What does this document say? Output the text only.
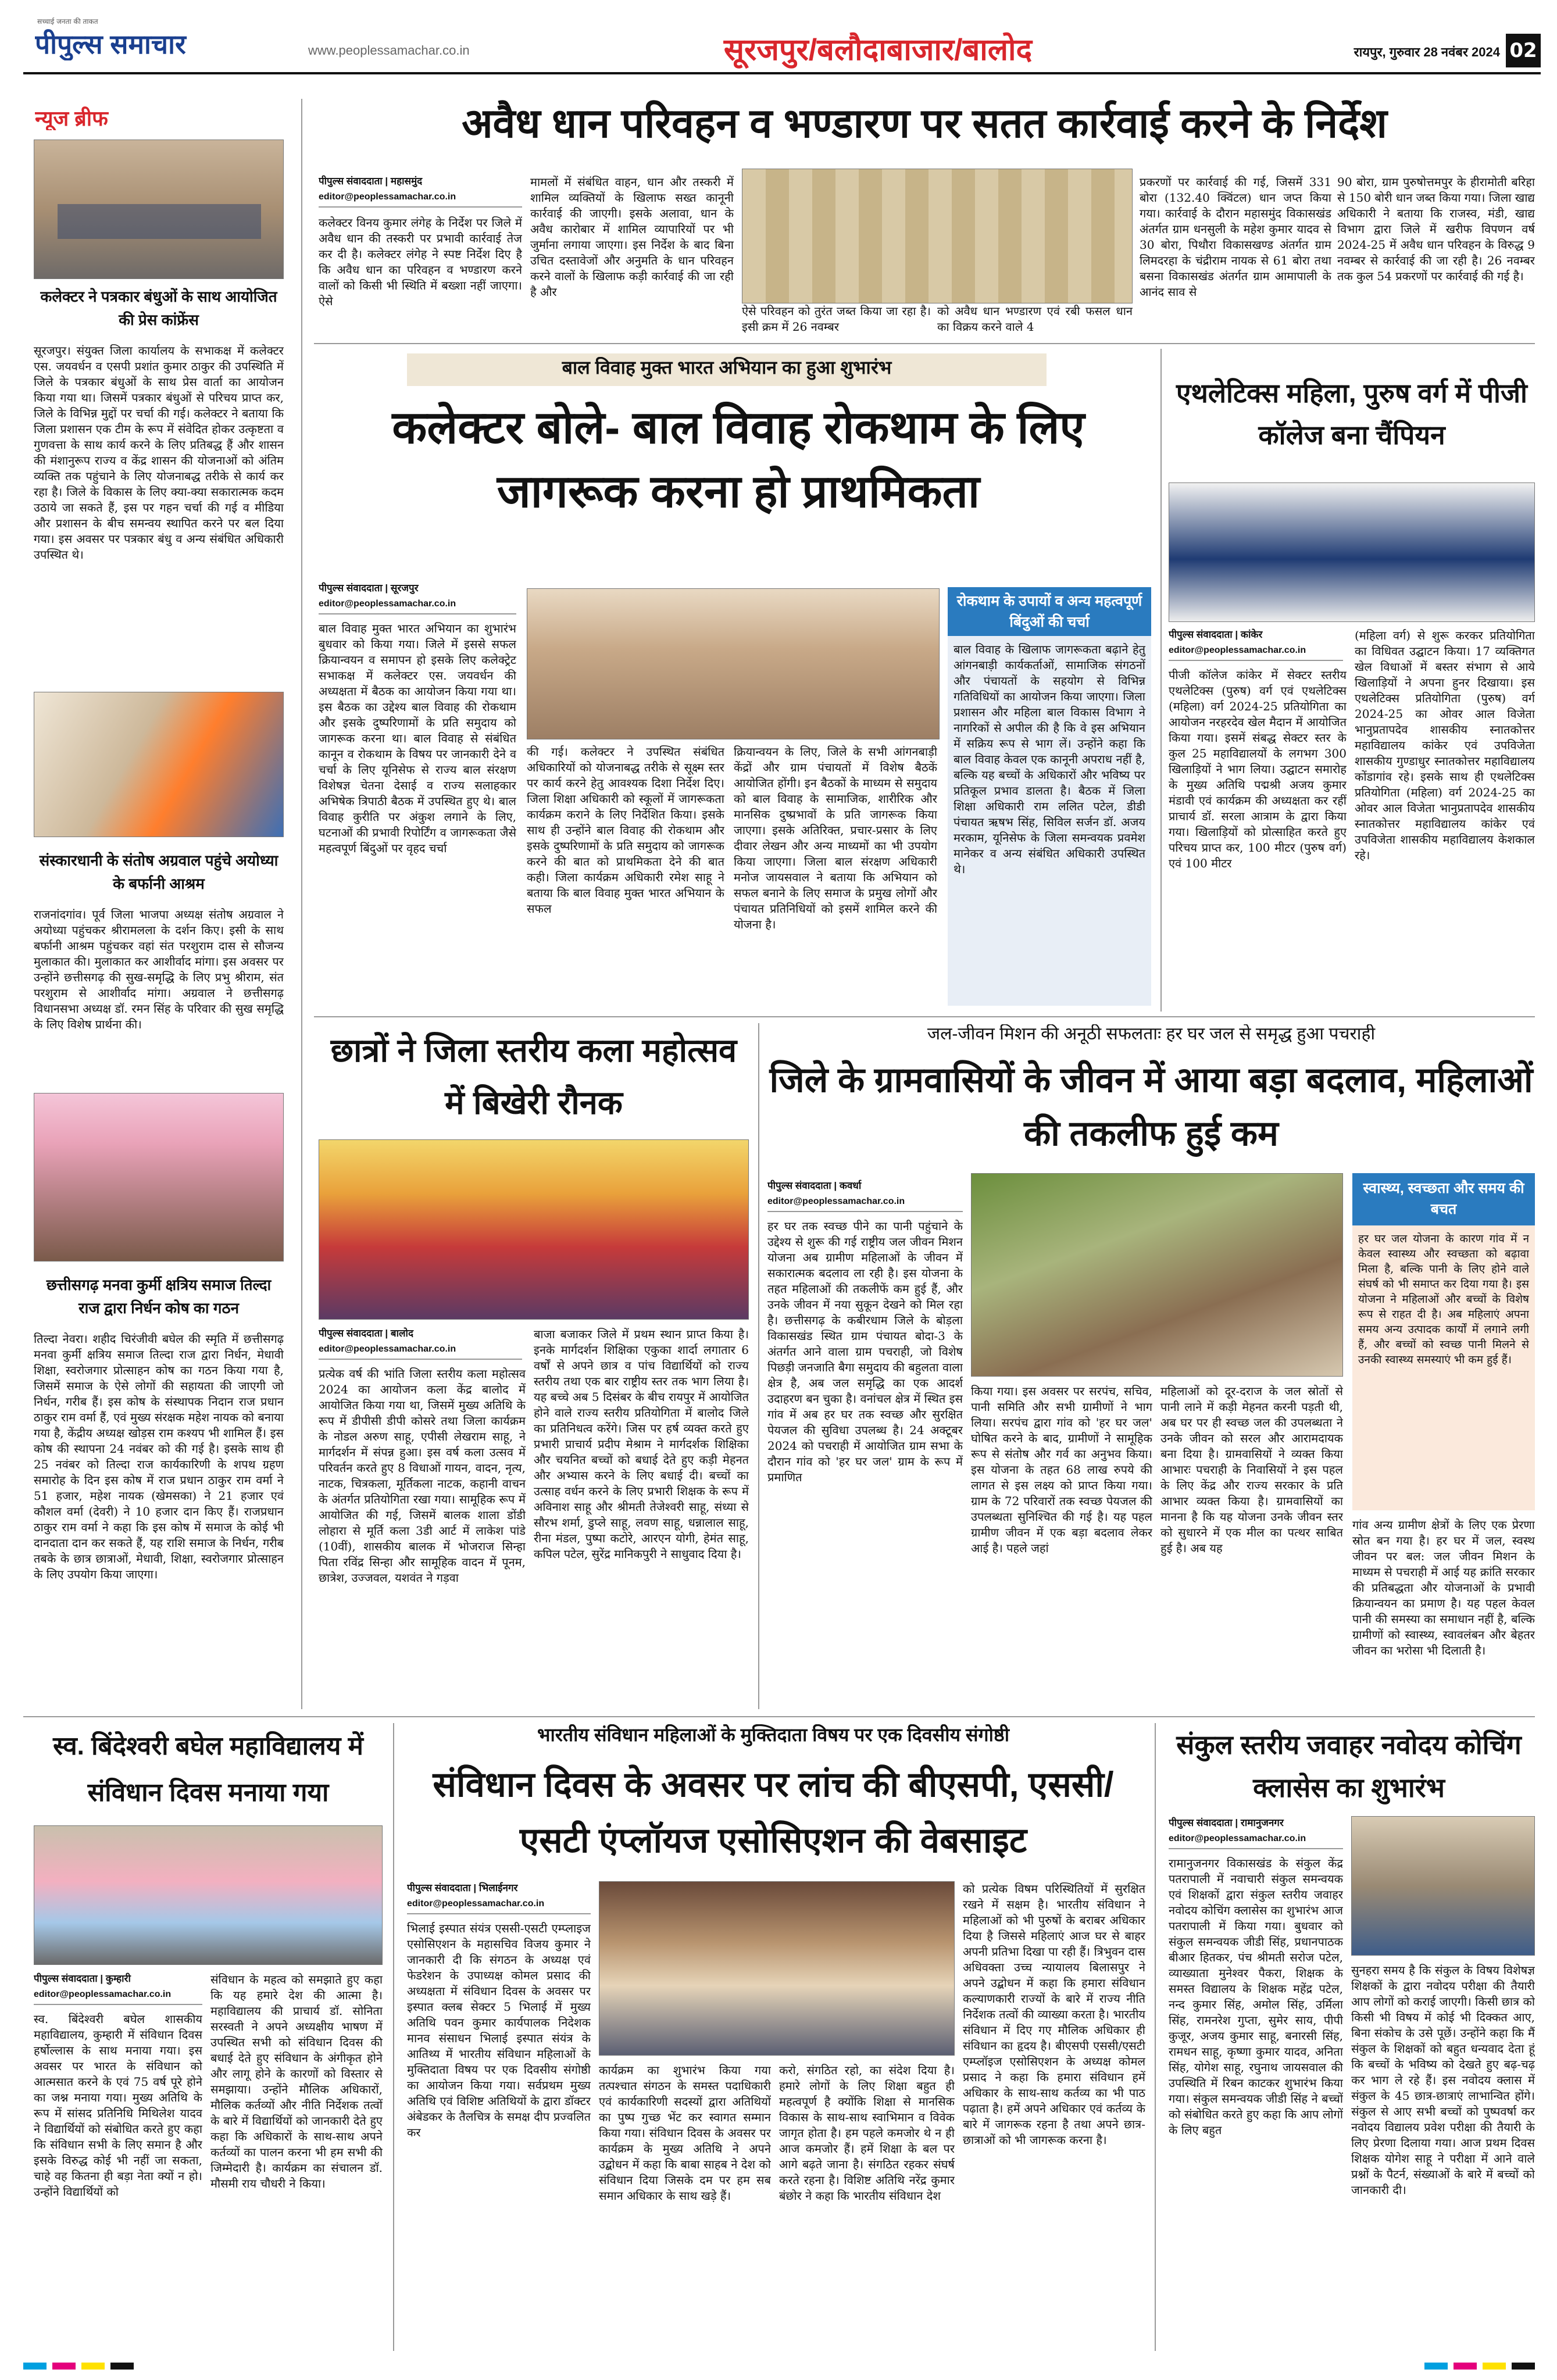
पीपुल्स समाचार
सच्चाई जनता की ताकत
www.peoplessamachar.co.in	सूरजपुर/बलौदाबाजार/बालोद	रायपुर, गुरुवार 28 नवंबर 2024 02
न्यूज ब्रीफ
कलेक्टर ने पत्रकार बंधुओं के साथ आयोजित की प्रेस कांफ्रेंस
सूरजपुर। संयुक्त जिला कार्यालय के सभाकक्ष में कलेक्टर एस. जयवर्धन व एसपी प्रशांत कुमार ठाकुर की उपस्थिति में जिले के पत्रकार बंधुओं के साथ प्रेस वार्ता का आयोजन किया गया था। जिसमें पत्रकार बंधुओं से परिचय प्राप्त कर, जिले के विभिन्न मुद्दों पर चर्चा की गई। कलेक्टर ने बताया कि जिला प्रशासन एक टीम के रूप में संवेदित होकर उत्कृष्टता व गुणवत्ता के साथ कार्य करने के लिए प्रतिबद्ध हैं और शासन की मंशानुरूप राज्य व केंद्र शासन की योजनाओं को अंतिम व्यक्ति तक पहुंचाने के लिए योजनाबद्ध तरीके से कार्य कर रहा है। जिले के विकास के लिए क्या-क्या सकारात्मक कदम उठाये जा सकते हैं, इस पर गहन चर्चा की गई व मीडिया और प्रशासन के बीच समन्वय स्थापित करने पर बल दिया गया। इस अवसर पर पत्रकार बंधु व अन्य संबंधित अधिकारी उपस्थित थे।
संस्कारधानी के संतोष अग्रवाल पहुंचे अयोध्या के बर्फानी आश्रम
राजनांदगांव। पूर्व जिला भाजपा अध्यक्ष संतोष अग्रवाल ने अयोध्या पहुंचकर श्रीरामलला के दर्शन किए। इसी के साथ बर्फानी आश्रम पहुंचकर वहां संत परशुराम दास से सौजन्य मुलाकात की। मुलाकात कर आशीर्वाद मांगा। इस अवसर पर उन्होंने छत्तीसगढ़ की सुख-समृद्धि के लिए प्रभु श्रीराम, संत परशुराम से आशीर्वाद मांगा। अग्रवाल ने छत्तीसगढ़ विधानसभा अध्यक्ष डॉ. रमन सिंह के परिवार की सुख समृद्धि के लिए विशेष प्रार्थना की।
छत्तीसगढ़ मनवा कुर्मी क्षत्रिय समाज तिल्दा राज द्वारा निर्धन कोष का गठन
तिल्दा नेवरा। शहीद चिरंजीवी बघेल की स्मृति में छत्तीसगढ़ मनवा कुर्मी क्षत्रिय समाज तिल्दा राज द्वारा निर्धन, मेधावी शिक्षा, स्वरोजगार प्रोत्साहन कोष का गठन किया गया है, जिसमें समाज के ऐसे लोगों की सहायता की जाएगी जो निर्धन, गरीब हैं। इस कोष के संस्थापक निदान राज प्रधान ठाकुर राम वर्मा हैं, एवं मुख्य संरक्षक महेश नायक को बनाया गया है, केंद्रीय अध्यक्ष खोड़स राम कश्यप भी शामिल हैं। इस कोष की स्थापना 24 नवंबर को की गई है। इसके साथ ही 25 नवंबर को तिल्दा राज कार्यकारिणी के शपथ ग्रहण समारोह के दिन इस कोष में राज प्रधान ठाकुर राम वर्मा ने 51 हजार, महेश नायक (खेमसका) ने 21 हजार एवं कौशल वर्मा (देवरी) ने 10 हजार दान किए हैं। राजप्रधान ठाकुर राम वर्मा ने कहा कि इस कोष में समाज के कोई भी दानदाता दान कर सकते हैं, यह राशि समाज के निर्धन, गरीब तबके के छात्र छात्राओं, मेधावी, शिक्षा, स्वरोजगार प्रोत्साहन के लिए उपयोग किया जाएगा।
अवैध धान परिवहन व भण्डारण पर सतत कार्रवाई करने के निर्देश
पीपुल्स संवाददाता | महासमुंद
editor@peoplessamachar.co.in
कलेक्टर विनय कुमार लंगेह के निर्देश पर जिले में अवैध धान की तस्करी पर प्रभावी कार्रवाई तेज कर दी है। कलेक्टर लंगेह ने स्पष्ट निर्देश दिए है कि अवैध धान का परिवहन व भण्डारण करने वालों को किसी भी स्थिति में बख्शा नहीं जाएगा। ऐसे
मामलों में संबंधित वाहन, धान और तस्करी में शामिल व्यक्तियों के खिलाफ सख्त कानूनी कार्रवाई की जाएगी। इसके अलावा, धान के अवैध कारोबार में शामिल व्यापारियों पर भी जुर्माना लगाया जाएगा। इस निर्देश के बाद बिना उचित दस्तावेजों और अनुमति के धान परिवहन करने वालों के खिलाफ कड़ी कार्रवाई की जा रही है और
ऐसे परिवहन को तुरंत जब्त किया जा रहा है। इसी क्रम में 26 नवम्बर
को अवैध धान भण्डारण एवं रबी फसल धान का विक्रय करने वाले 4
प्रकरणों पर कार्रवाई की गई, जिसमें 331 बोरा (132.40 क्विंटल) धान जप्त किया गया। कार्रवाई के दौरान महासमुंद विकासखंड अंतर्गत ग्राम धनसुली के महेश कुमार यादव से 30 बोरा, पिथौरा विकासखण्ड अंतर्गत ग्राम लिमदरहा के चंद्रीराम नायक से 61 बोरा तथा बसना विकासखंड अंतर्गत ग्राम आमापाली के आनंद साव से
90 बोरा, ग्राम पुरुषोत्तमपुर के हीरामोती बरिहा से 150 बोरी धान जब्त किया गया। जिला खाद्य अधिकारी ने बताया कि राजस्व, मंडी, खाद्य विभाग द्वारा जिले में खरीफ विपणन वर्ष 2024-25 में अवैध धान परिवहन के विरुद्ध 9 नवम्बर से कार्रवाई की जा रही है। 26 नवम्बर तक कुल 54 प्रकरणों पर कार्रवाई की गई है।
बाल विवाह मुक्त भारत अभियान का हुआ शुभारंभ
कलेक्टर बोले- बाल विवाह रोकथाम के लिए जागरूक करना हो प्राथमिकता
पीपुल्स संवाददाता | सूरजपुर
editor@peoplessamachar.co.in
बाल विवाह मुक्त भारत अभियान का शुभारंभ बुधवार को किया गया। जिले में इससे सफल क्रियान्वयन व समापन हो इसके लिए कलेक्ट्रेट सभाकक्ष में कलेक्टर एस. जयवर्धन की अध्यक्षता में बैठक का आयोजन किया गया था। इस बैठक का उद्देश्य बाल विवाह की रोकथाम और इसके दुष्परिणामों के प्रति समुदाय को जागरूक करना था। बाल विवाह से संबंधित कानून व रोकथाम के विषय पर जानकारी देने व चर्चा के लिए यूनिसेफ से राज्य बाल संरक्षण विशेषज्ञ चेतना देसाई व राज्य सलाहकार अभिषेक त्रिपाठी बैठक में उपस्थित हुए थे। बाल विवाह कुरीति पर अंकुश लगाने के लिए, घटनाओं की प्रभावी रिपोर्टिंग व जागरूकता जैसे महत्वपूर्ण बिंदुओं पर वृहद चर्चा
की गई। कलेक्टर ने उपस्थित संबंधित अधिकारियों को योजनाबद्ध तरीके से सूक्ष्म स्तर पर कार्य करने हेतु आवश्यक दिशा निर्देश दिए। जिला शिक्षा अधिकारी को स्कूलों में जागरूकता कार्यक्रम कराने के लिए निर्देशित किया। इसके साथ ही उन्होंने बाल विवाह की रोकथाम और इसके दुष्परिणामों के प्रति समुदाय को जागरूक करने की बात को प्राथमिकता देने की बात कही। जिला कार्यक्रम अधिकारी रमेश साहू ने बताया कि बाल विवाह मुक्त भारत अभियान के सफल
क्रियान्वयन के लिए, जिले के सभी आंगनबाड़ी केंद्रों और ग्राम पंचायतों में विशेष बैठकें आयोजित होंगी। इन बैठकों के माध्यम से समुदाय को बाल विवाह के सामाजिक, शारीरिक और मानसिक दुष्प्रभावों के प्रति जागरूक किया जाएगा। इसके अतिरिक्त, प्रचार-प्रसार के लिए दीवार लेखन और अन्य माध्यमों का भी उपयोग किया जाएगा। जिला बाल संरक्षण अधिकारी मनोज जायसवाल ने बताया कि अभियान को सफल बनाने के लिए समाज के प्रमुख लोगों और पंचायत प्रतिनिधियों को इसमें शामिल करने की योजना है।
रोकथाम के उपायों व अन्य महत्वपूर्ण बिंदुओं की चर्चा
बाल विवाह के खिलाफ जागरूकता बढ़ाने हेतु आंगनबाड़ी कार्यकर्ताओं, सामाजिक संगठनों और पंचायतों के सहयोग से विभिन्न गतिविधियों का आयोजन किया जाएगा। जिला प्रशासन और महिला बाल विकास विभाग ने नागरिकों से अपील की है कि वे इस अभियान में सक्रिय रूप से भाग लें। उन्होंने कहा कि बाल विवाह केवल एक कानूनी अपराध नहीं है, बल्कि यह बच्चों के अधिकारों और भविष्य पर प्रतिकूल प्रभाव डालता है। बैठक में जिला शिक्षा अधिकारी राम ललित पटेल, डीडी पंचायत ऋषभ सिंह, सिविल सर्जन डॉ. अजय मरकाम, यूनिसेफ के जिला समन्वयक प्रवमेश मानेकर व अन्य संबंधित अधिकारी उपस्थित थे।
एथलेटिक्स महिला, पुरुष वर्ग में पीजी कॉलेज बना चैंपियन
पीपुल्स संवाददाता | कांकेर
editor@peoplessamachar.co.in
पीजी कॉलेज कांकेर में सेक्टर स्तरीय एथलेटिक्स (पुरुष) वर्ग एवं एथलेटिक्स (महिला) वर्ग 2024-25 प्रतियोगिता का आयोजन नरहरदेव खेल मैदान में आयोजित किया गया। इसमें संबद्ध सेक्टर स्तर के कुल 25 महाविद्यालयों के लगभग 300 खिलाड़ियों ने भाग लिया। उद्घाटन समारोह के मुख्य अतिथि पद्मश्री अजय कुमार मंडावी एवं कार्यक्रम की अध्यक्षता कर रहीं प्राचार्य डॉ. सरला आत्राम के द्वारा किया गया। खिलाड़ियों को प्रोत्साहित करते हुए परिचय प्राप्त कर, 100 मीटर (पुरुष वर्ग) एवं 100 मीटर
(महिला वर्ग) से शुरू करकर प्रतियोगिता का विधिवत उद्घाटन किया। 17 व्यक्तिगत खेल विधाओं में बस्तर संभाग से आये खिलाड़ियों ने अपना हुनर दिखाया। इस एथलेटिक्स प्रतियोगिता (पुरुष) वर्ग 2024-25 का ओवर आल विजेता भानुप्रतापदेव शासकीय स्नातकोत्तर महाविद्यालय कांकेर एवं उपविजेता शासकीय गुण्डाधुर स्नातकोत्तर महाविद्यालय कोंडागांव रहे। इसके साथ ही एथलेटिक्स प्रतियोगिता (महिला) वर्ग 2024-25 का ओवर आल विजेता भानुप्रतापदेव शासकीय स्नातकोत्तर महाविद्यालय कांकेर एवं उपविजेता शासकीय महाविद्यालय केशकाल रहे।
छात्रों ने जिला स्तरीय कला महोत्सव में बिखेरी रौनक
पीपुल्स संवाददाता | बालोद
editor@peoplessamachar.co.in
प्रत्येक वर्ष की भांति जिला स्तरीय कला महोत्सव 2024 का आयोजन कला केंद्र बालोद में आयोजित किया गया था, जिसमें मुख्य अतिथि के रूप में डीपीसी डीपी कोसरे तथा जिला कार्यक्रम के नोडल अरुण साहू, एपीसी लेखराम साहू, ने मार्गदर्शन में संपन्न हुआ। इस वर्ष कला उत्सव में परिवर्तन करते हुए 8 विधाओं गायन, वादन, नृत्य, नाटक, चित्रकला, मूर्तिकला नाटक, कहानी वाचन के अंतर्गत प्रतियोगिता रखा गया। सामूहिक रूप में आयोजित की गई, जिसमें बालक शाला डोंडी लोहारा से मूर्ति कला 3डी आर्ट में लाकेश पांडे (10वीं), शासकीय बालक में भोजराज सिन्हा पिता रविंद्र सिन्हा और सामूहिक वादन में पूनम, छात्रेश, उज्जवल, यशवंत ने गड़वा
बाजा बजाकर जिले में प्रथम स्थान प्राप्त किया है। इनके मार्गदर्शन शिक्षिका एकुका शार्दा लगातार 6 वर्षों से अपने छात्र व पांच विद्यार्थियों को राज्य स्तरीय तथा एक बार राष्ट्रीय स्तर तक भाग लिया है। यह बच्चे अब 5 दिसंबर के बीच रायपुर में आयोजित होने वाले राज्य स्तरीय प्रतियोगिता में बालोद जिले का प्रतिनिधत्व करेंगे। जिस पर हर्ष व्यक्त करते हुए प्रभारी प्राचार्य प्रदीप मेश्राम ने मार्गदर्शक शिक्षिका और चयनित बच्चों को बधाई देते हुए कड़ी मेहनत और अभ्यास करने के लिए बधाई दी। बच्चों का उत्साह वर्धन करने के लिए प्रभारी शिक्षक के रूप में अविनाश साहू और श्रीमती तेजेश्वरी साहू, संध्या से सौरभ शर्मा, डुप्ले साहू, लवण साहू, धन्नालाल साहू, रीना मंडल, पुष्पा कटोरे, आरएन योगी, हेमंत साहू, कपिल पटेल, सुरेंद्र मानिकपुरी ने साधुवाद दिया है।
जल-जीवन मिशन की अनूठी सफलताः हर घर जल से समृद्ध हुआ पचराही
जिले के ग्रामवासियों के जीवन में आया बड़ा बदलाव, महिलाओं की तकलीफ हुई कम
पीपुल्स संवाददाता | कवर्धा
editor@peoplessamachar.co.in
हर घर तक स्वच्छ पीने का पानी पहुंचाने के उद्देश्य से शुरू की गई राष्ट्रीय जल जीवन मिशन योजना अब ग्रामीण महिलाओं के जीवन में सकारात्मक बदलाव ला रही है। इस योजना के तहत महिलाओं की तकलीफें कम हुई हैं, और उनके जीवन में नया सुकून देखने को मिल रहा है। छत्तीसगढ़ के कबीरधाम जिले के बोड़ला विकासखंड स्थित ग्राम पंचायत बोदा-3 के अंतर्गत आने वाला ग्राम पचराही, जो विशेष पिछड़ी जनजाति बैगा समुदाय की बहुलता वाला क्षेत्र है, अब जल समृद्धि का एक आदर्श उदाहरण बन चुका है। वनांचल क्षेत्र में स्थित इस गांव में अब हर घर तक स्वच्छ और सुरक्षित पेयजल की सुविधा उपलब्ध है। 24 अक्टूबर 2024 को पचराही में आयोजित ग्राम सभा के दौरान गांव को 'हर घर जल' ग्राम के रूप में प्रमाणित
किया गया। इस अवसर पर सरपंच, सचिव, पानी समिति और सभी ग्रामीणों ने भाग लिया। सरपंच द्वारा गांव को 'हर घर जल' घोषित करने के बाद, ग्रामीणों ने सामूहिक रूप से संतोष और गर्व का अनुभव किया। इस योजना के तहत 68 लाख रुपये की लागत से इस लक्ष्य को प्राप्त किया गया। ग्राम के 72 परिवारों तक स्वच्छ पेयजल की उपलब्धता सुनिश्चित की गई है। यह पहल ग्रामीण जीवन में एक बड़ा बदलाव लेकर आई है। पहले जहां
महिलाओं को दूर-दराज के जल स्रोतों से पानी लाने में कड़ी मेहनत करनी पड़ती थी, अब घर पर ही स्वच्छ जल की उपलब्धता ने उनके जीवन को सरल और आरामदायक बना दिया है। ग्रामवासियों ने व्यक्त किया आभारः पचराही के निवासियों ने इस पहल के लिए केंद्र और राज्य सरकार के प्रति आभार व्यक्त किया है। ग्रामवासियों का मानना है कि यह योजना उनके जीवन स्तर को सुधारने में एक मील का पत्थर साबित हुई है। अब यह
स्वास्थ्य, स्वच्छता और समय की बचत
हर घर जल योजना के कारण गांव में न केवल स्वास्थ्य और स्वच्छता को बढ़ावा मिला है, बल्कि पानी के लिए होने वाले संघर्ष को भी समाप्त कर दिया गया है। इस योजना ने महिलाओं और बच्चों के विशेष रूप से राहत दी है। अब महिलाएं अपना समय अन्य उत्पादक कार्यों में लगाने लगी हैं, और बच्चों को स्वच्छ पानी मिलने से उनकी स्वास्थ्य समस्याएं भी कम हुई हैं।
गांव अन्य ग्रामीण क्षेत्रों के लिए एक प्रेरणा स्रोत बन गया है। हर घर में जल, स्वस्थ जीवन पर बल: जल जीवन मिशन के माध्यम से पचराही में आई यह क्रांति सरकार की प्रतिबद्धता और योजनाओं के प्रभावी क्रियान्वयन का प्रमाण है। यह पहल केवल पानी की समस्या का समाधान नहीं है, बल्कि ग्रामीणों को स्वास्थ्य, स्वावलंबन और बेहतर जीवन का भरोसा भी दिलाती है।
स्व. बिंदेश्वरी बघेल महाविद्यालय में संविधान दिवस मनाया गया
पीपुल्स संवाददाता | कुम्हारी
editor@peoplessamachar.co.in
स्व. बिंदेश्वरी बघेल शासकीय महाविद्यालय, कुम्हारी में संविधान दिवस हर्षोल्लास के साथ मनाया गया। इस अवसर पर भारत के संविधान को आत्मसात करने के एवं 75 वर्ष पूरे होने का जश्न मनाया गया। मुख्य अतिथि के रूप में सांसद प्रतिनिधि मिथिलेश यादव ने विद्यार्थियों को संबोधित करते हुए कहा कि संविधान सभी के लिए समान है और इसके विरुद्ध कोई भी नहीं जा सकता, चाहे वह कितना ही बड़ा नेता क्यों न हो। उन्होंने विद्यार्थियों को
संविधान के महत्व को समझाते हुए कहा कि यह हमारे देश की आत्मा है। महाविद्यालय की प्राचार्य डॉ. सोनिता सरस्वती ने अपने अध्यक्षीय भाषण में उपस्थित सभी को संविधान दिवस की बधाई देते हुए संविधान के अंगीकृत होने और लागू होने के कारणों को विस्तार से समझाया। उन्होंने मौलिक अधिकारों, मौलिक कर्तव्यों और नीति निर्देशक तत्वों के बारे में विद्यार्थियों को जानकारी देते हुए कहा कि अधिकारों के साथ-साथ अपने कर्तव्यों का पालन करना भी हम सभी की जिम्मेदारी है। कार्यक्रम का संचालन डॉ. मौसमी राय चौधरी ने किया।
भारतीय संविधान महिलाओं के मुक्तिदाता विषय पर एक दिवसीय संगोष्ठी
संविधान दिवस के अवसर पर लांच की बीएसपी, एससी/एसटी एंप्लॉयज एसोसिएशन की वेबसाइट
पीपुल्स संवाददाता | भिलाईनगर
editor@peoplessamachar.co.in
भिलाई इस्पात संयंत्र एससी-एसटी एम्प्लाइज एसोसिएशन के महासचिव विजय कुमार ने जानकारी दी कि संगठन के अध्यक्ष एवं फेडरेशन के उपाध्यक्ष कोमल प्रसाद की अध्यक्षता में संविधान दिवस के अवसर पर इस्पात क्लब सेक्टर 5 भिलाई में मुख्य अतिथि पवन कुमार कार्यपालक निदेशक मानव संसाधन भिलाई इस्पात संयंत्र के आतिथ्य में भारतीय संविधान महिलाओं के मुक्तिदाता विषय पर एक दिवसीय संगोष्ठी का आयोजन किया गया। सर्वप्रथम मुख्य अतिथि एवं विशिष्ट अतिथियों के द्वारा डॉक्टर अंबेडकर के तैलचित्र के समक्ष दीप प्रज्वलित कर
कार्यक्रम का शुभारंभ किया गया तत्पश्चात संगठन के समस्त पदाधिकारी एवं कार्यकारिणी सदस्यों द्वारा अतिथियों का पुष्प गुच्छ भेंट कर स्वागत सम्मान किया गया। संविधान दिवस के अवसर पर कार्यक्रम के मुख्य अतिथि ने अपने उद्बोधन में कहा कि बाबा साहब ने देश को संविधान दिया जिसके दम पर हम सब समान अधिकार के साथ खड़े हैं।
करो, संगठित रहो, का संदेश दिया है। हमारे लोगों के लिए शिक्षा बहुत ही महत्वपूर्ण है क्योंकि शिक्षा से मानसिक विकास के साथ-साथ स्वाभिमान व विवेक जागृत होता है। हम पहले कमजोर थे न ही आज कमजोर हैं। हमें शिक्षा के बल पर आगे बढ़ते जाना है। संगठित रहकर संघर्ष करते रहना है। विशिष्ट अतिथि नरेंद्र कुमार बंछोर ने कहा कि भारतीय संविधान देश
को प्रत्येक विषम परिस्थितियों में सुरक्षित रखने में सक्षम है। भारतीय संविधान ने महिलाओं को भी पुरुषों के बराबर अधिकार दिया है जिससे महिलाएं आज घर से बाहर अपनी प्रतिभा दिखा पा रही हैं। त्रिभुवन दास अधिवक्ता उच्च न्यायालय बिलासपुर ने अपने उद्बोधन में कहा कि हमारा संविधान कल्याणकारी राज्यों के बारे में राज्य नीति निर्देशक तत्वों की व्याख्या करता है। भारतीय संविधान में दिए गए मौलिक अधिकार ही संविधान का हृदय है। बीएसपी एससी/एसटी एम्प्लॉइज एसोसिएशन के अध्यक्ष कोमल प्रसाद ने कहा कि हमारा संविधान हमें अधिकार के साथ-साथ कर्तव्य का भी पाठ पढ़ाता है। हमें अपने अधिकार एवं कर्तव्य के बारे में जागरूक रहना है तथा अपने छात्र-छात्राओं को भी जागरूक करना है।
संकुल स्तरीय जवाहर नवोदय कोचिंग क्लासेस का शुभारंभ
पीपुल्स संवाददाता | रामानुजनगर
editor@peoplessamachar.co.in
रामानुजनगर विकासखंड के संकुल केंद्र पतरापाली में नवाचारी संकुल समन्वयक एवं शिक्षकों द्वारा संकुल स्तरीय जवाहर नवोदय कोचिंग क्लासेस का शुभारंभ आज पतरापाली में किया गया। बुधवार को संकुल समन्वयक जीडी सिंह, प्रधानपाठक बीआर हितकर, पंच श्रीमती सरोज पटेल, व्याख्याता मुनेश्वर पैकरा, शिक्षक के समस्त विद्यालय के शिक्षक महेंद्र पटेल, नन्द कुमार सिंह, अमोल सिंह, उर्मिला सिंह, रामनरेश गुप्ता, सुमेर साय, पीपी कुजूर, अजय कुमार साहू, बनारसी सिंह, रामधन साहू, कृष्णा कुमार यादव, अनिता सिंह, योगेश साहू, रघुनाथ जायसवाल की उपस्थिति में रिबन काटकर शुभारंभ किया गया। संकुल समन्वयक जीडी सिंह ने बच्चों को संबोधित करते हुए कहा कि आप लोगों के लिए बहुत
सुनहरा समय है कि संकुल के विषय विशेषज्ञ शिक्षकों के द्वारा नवोदय परीक्षा की तैयारी आप लोगों को कराई जाएगी। किसी छात्र को किसी भी विषय में कोई भी दिक्कत आए, बिना संकोच के उसे पूछें। उन्होंने कहा कि मैं संकुल के शिक्षकों को बहुत धन्यवाद देता हूं कि बच्चों के भविष्य को देखते हुए बढ़-चढ़ कर भाग ले रहे हैं। इस नवोदय क्लास में संकुल के 45 छात्र-छात्राएं लाभान्वित होंगे। संकुल से आए सभी बच्चों को पुष्पवर्षा कर नवोदय विद्यालय प्रवेश परीक्षा की तैयारी के लिए प्रेरणा दिलाया गया। आज प्रथम दिवस शिक्षक योगेश साहू ने परीक्षा में आने वाले प्रश्नों के पैटर्न, संख्याओं के बारे में बच्चों को जानकारी दी।
